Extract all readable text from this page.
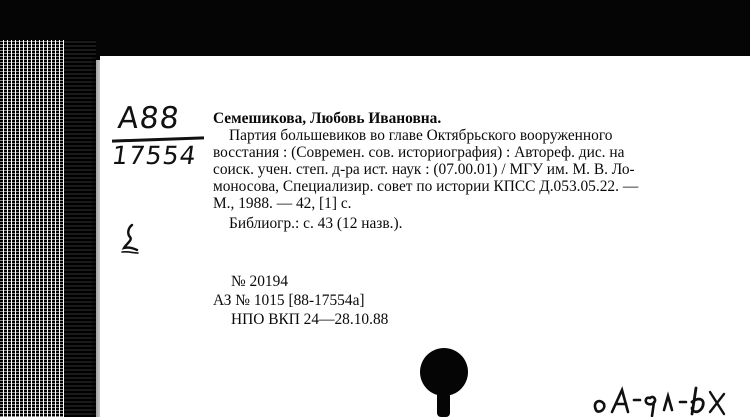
A88
17554
Семешикова, Любовь Ивановна.
Партия большевиков во главе Октябрьского вооруженного
восстания : (Современ. сов. историография) : Автореф. дис. на
соиск. учен. степ. д-ра ист. наук : (07.00.01) / МГУ им. М. В. Ло-
моносова, Специализир. совет по истории КПСС Д.053.05.22. —
М., 1988. — 42, [1] с.
Библиогр.: с. 43 (12 назв.).
№ 20194
АЗ № 1015 [88-17554а]
НПО ВКП 24—28.10.88
